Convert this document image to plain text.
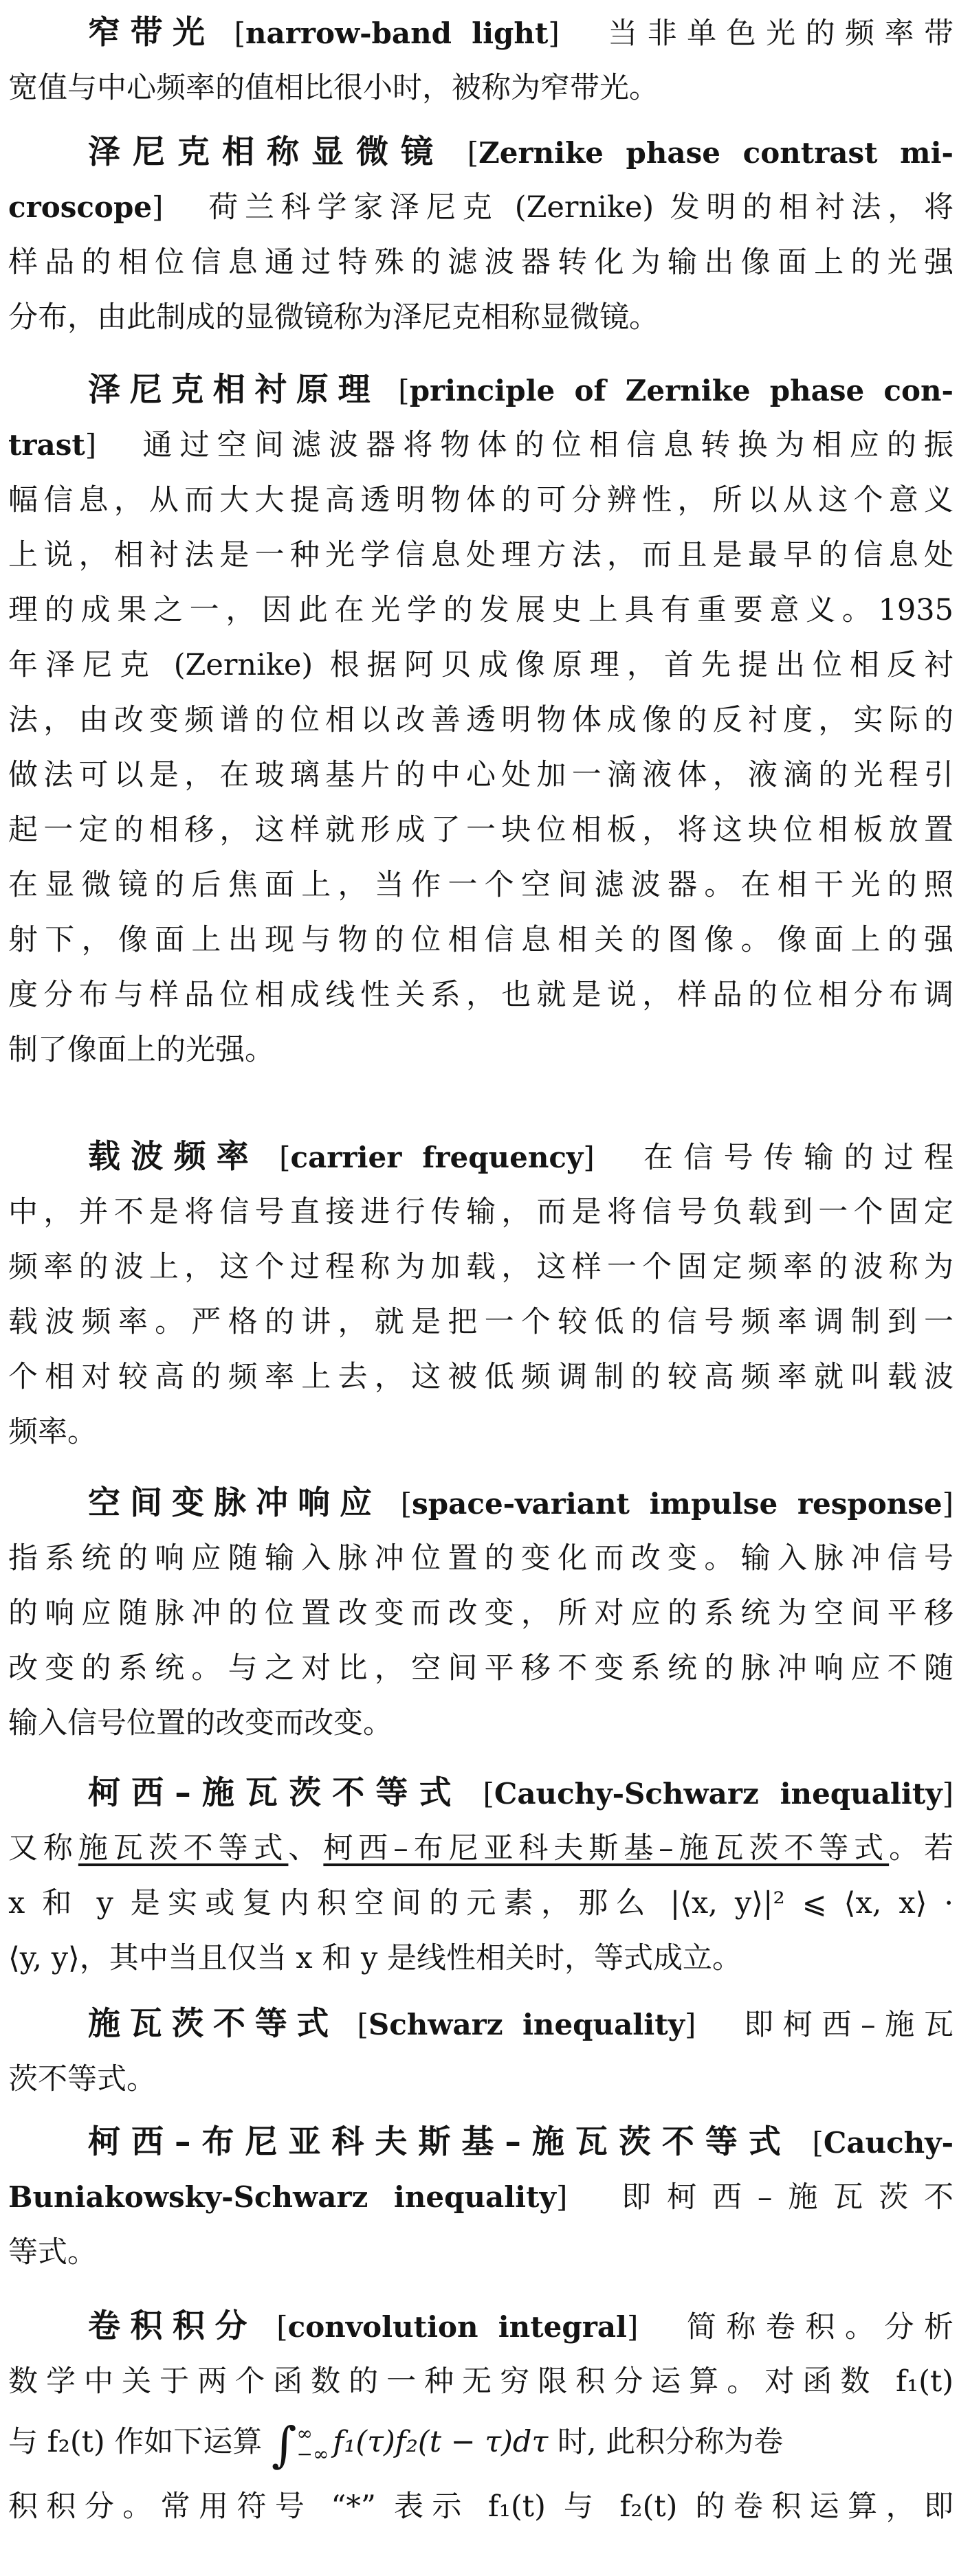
窄带光 [narrow-band light] 当非单色光的频率带
宽值与中心频率的值相比很小时，被称为窄带光。
泽尼克相称显微镜 [Zernike phase contrast mi-
croscope] 荷兰科学家泽尼克 (Zernike) 发明的相衬法，将
样品的相位信息通过特殊的滤波器转化为输出像面上的光强
分布，由此制成的显微镜称为泽尼克相称显微镜。
泽尼克相衬原理 [principle of Zernike phase con-
trast] 通过空间滤波器将物体的位相信息转换为相应的振
幅信息，从而大大提高透明物体的可分辨性，所以从这个意义
上说，相衬法是一种光学信息处理方法，而且是最早的信息处
理的成果之一，因此在光学的发展史上具有重要意义。1935
年泽尼克 (Zernike) 根据阿贝成像原理，首先提出位相反衬
法，由改变频谱的位相以改善透明物体成像的反衬度，实际的
做法可以是，在玻璃基片的中心处加一滴液体，液滴的光程引
起一定的相移，这样就形成了一块位相板，将这块位相板放置
在显微镜的后焦面上，当作一个空间滤波器。在相干光的照
射下，像面上出现与物的位相信息相关的图像。像面上的强
度分布与样品位相成线性关系，也就是说，样品的位相分布调
制了像面上的光强。
载波频率 [carrier frequency] 在信号传输的过程
中，并不是将信号直接进行传输，而是将信号负载到一个固定
频率的波上，这个过程称为加载，这样一个固定频率的波称为
载波频率。严格的讲，就是把一个较低的信号频率调制到一
个相对较高的频率上去，这被低频调制的较高频率就叫载波
频率。
空间变脉冲响应 [space-variant impulse response]
指系统的响应随输入脉冲位置的变化而改变。输入脉冲信号
的响应随脉冲的位置改变而改变，所对应的系统为空间平移
改变的系统。与之对比，空间平移不变系统的脉冲响应不随
输入信号位置的改变而改变。
柯西–施瓦茨不等式 [Cauchy-Schwarz inequality]
又称施瓦茨不等式、柯西–布尼亚科夫斯基–施瓦茨不等式。若
x 和 y 是实或复内积空间的元素，那么 |⟨x, y⟩|² ⩽ ⟨x, x⟩ ·
⟨y, y⟩，其中当且仅当 x 和 y 是线性相关时，等式成立。
施瓦茨不等式 [Schwarz inequality] 即柯西–施瓦
茨不等式。
柯西–布尼亚科夫斯基–施瓦茨不等式 [Cauchy-
Buniakowsky-Schwarz inequality] 即柯西–施瓦茨不
等式。
卷积积分 [convolution integral] 简称卷积。分析
数学中关于两个函数的一种无穷限积分运算。对函数 f₁(t)
与 f₂(t) 作如下运算 ∫∞
−∞ f₁(τ)f₂(t − τ)dτ 时, 此积分称为卷
积积分。常用符号 “*” 表示 f₁(t) 与 f₂(t) 的卷积运算，即
